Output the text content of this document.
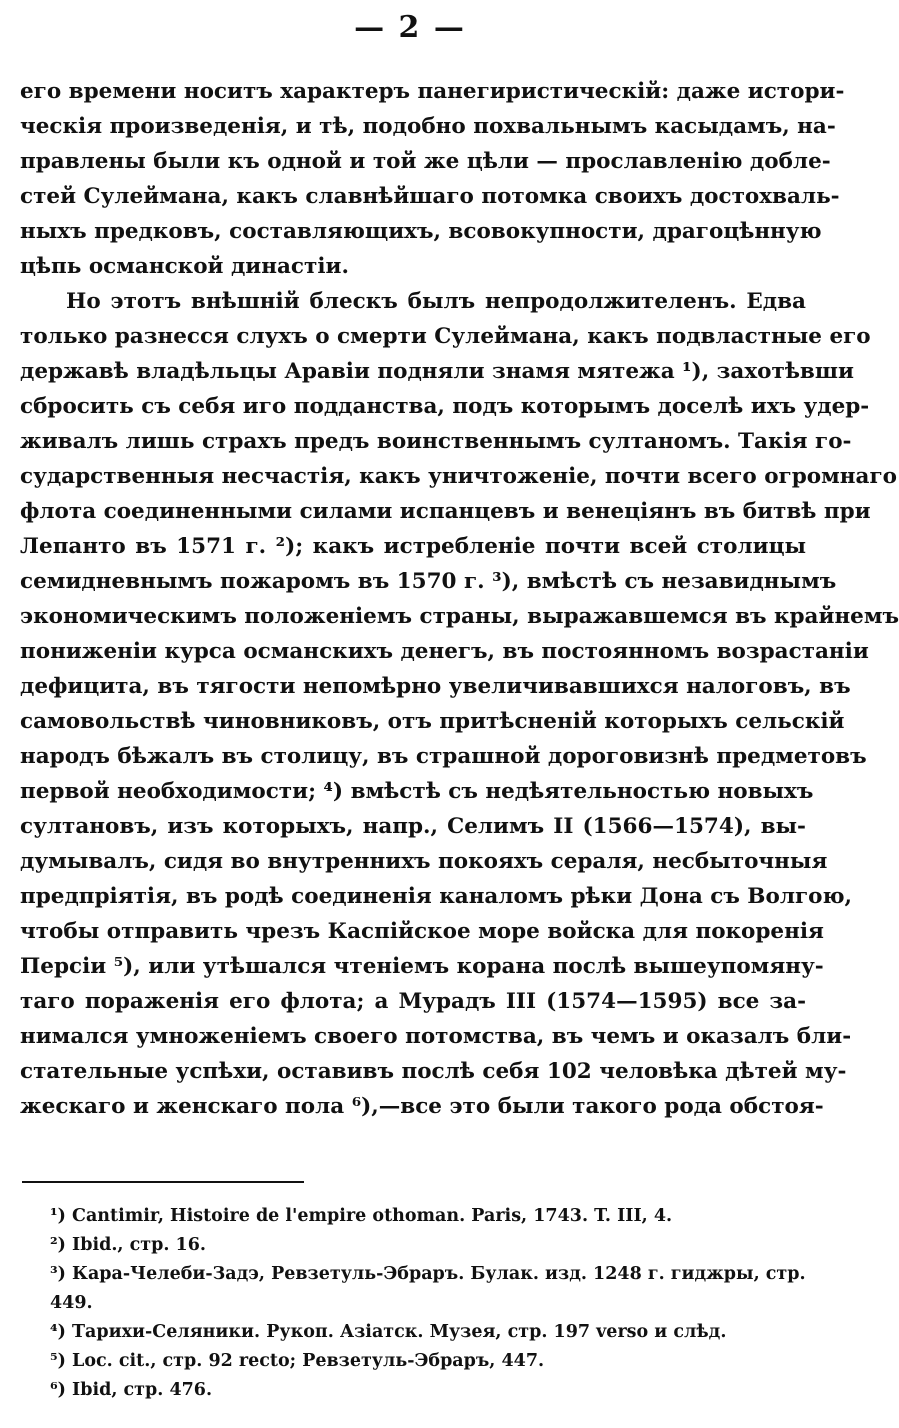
— 2 —
его времени носитъ характеръ панегиристическій: даже истори-
ческія произведенія, и тѣ, подобно похвальнымъ касыдамъ, на-
правлены были къ одной и той же цѣли — прославленію добле-
стей Сулеймана, какъ славнѣйшаго потомка своихъ достохваль-
ныхъ предковъ, составляющихъ, всовокупности, драгоцѣнную
цѣпь османской династіи.
Но этотъ внѣшній блескъ былъ непродолжителенъ. Едва
только разнесся слухъ о смерти Сулеймана, какъ подвластные его
державѣ владѣльцы Аравіи подняли знамя мятежа ¹), захотѣвши
сбросить съ себя иго подданства, подъ которымъ доселѣ ихъ удер-
живалъ лишь страхъ предъ воинственнымъ султаномъ. Такія го-
сударственныя несчастія, какъ уничтоженіе, почти всего огромнаго
флота соединенными силами испанцевъ и венеціянъ въ битвѣ при
Лепанто въ 1571 г. ²); какъ истребленіе почти всей столицы
семидневнымъ пожаромъ въ 1570 г. ³), вмѣстѣ съ незавиднымъ
экономическимъ положеніемъ страны, выражавшемся въ крайнемъ
пониженіи курса османскихъ денегъ, въ постоянномъ возрастаніи
дефицита, въ тягости непомѣрно увеличивавшихся налоговъ, въ
самовольствѣ чиновниковъ, отъ притѣсненій которыхъ сельскій
народъ бѣжалъ въ столицу, въ страшной дороговизнѣ предметовъ
первой необходимости; ⁴) вмѣстѣ съ недѣятельностью новыхъ
султановъ, изъ которыхъ, напр., Селимъ II (1566—1574), вы-
думывалъ, сидя во внутреннихъ покояхъ сераля, несбыточныя
предпріятія, въ родѣ соединенія каналомъ рѣки Дона съ Волгою,
чтобы отправить чрезъ Каспійское море войска для покоренія
Персіи ⁵), или утѣшался чтеніемъ корана послѣ вышеупомяну-
таго пораженія его флота; а Мурадъ III (1574—1595) все за-
нимался умноженіемъ своего потомства, въ чемъ и оказалъ бли-
стательные успѣхи, оставивъ послѣ себя 102 человѣка дѣтей му-
жескаго и женскаго пола ⁶),—все это были такого рода обстоя-
¹) Cantimir, Histoire de l'empire othoman. Paris, 1743. T. III, 4.
²) Ibid., стр. 16.
³) Кара-Челеби-Задэ, Ревзетуль-Эбраръ. Булак. изд. 1248 г. гиджры, стр. 449.
⁴) Тарихи-Селяники. Рукоп. Азіатск. Музея, стр. 197 verso и слѣд.
⁵) Loc. cit., стр. 92 recto; Ревзетуль-Эбраръ, 447.
⁶) Ibid, стр. 476.
